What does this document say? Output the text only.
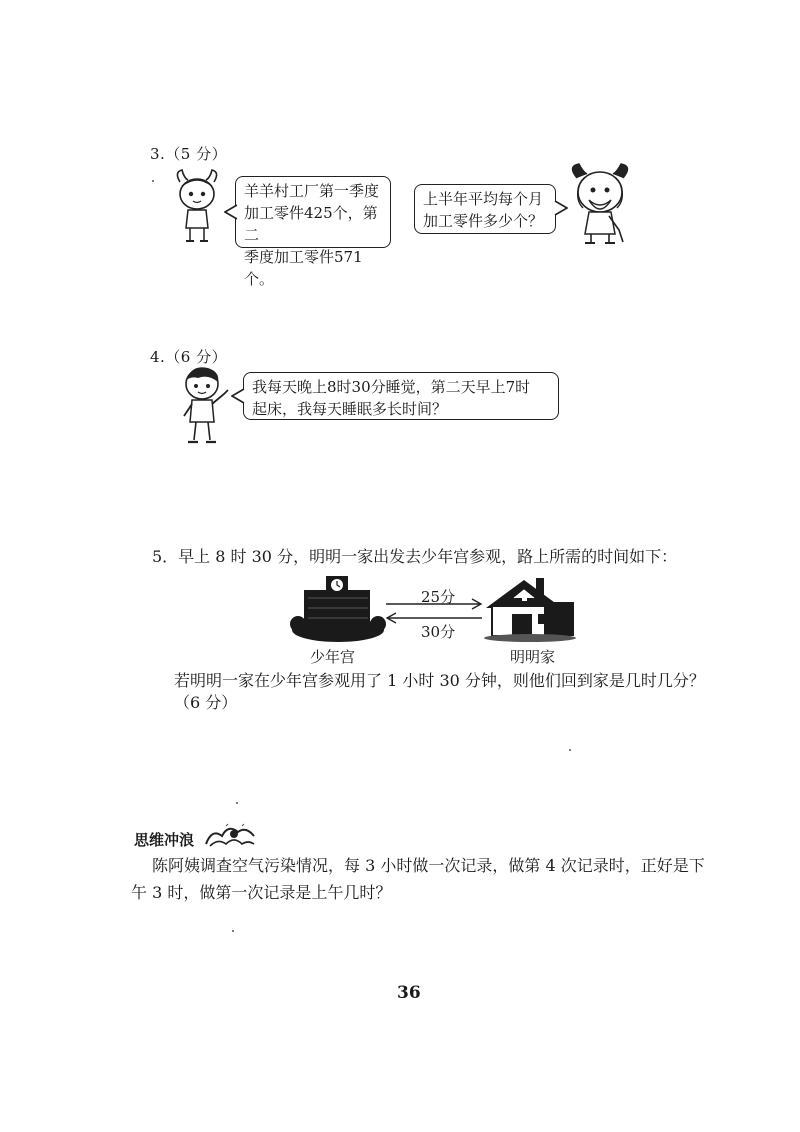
3.（5 分）
羊羊村工厂第一季度
加工零件425个，第二
季度加工零件571个。
上半年平均每个月
加工零件多少个？
4.（6 分）
我每天晚上8时30分睡觉，第二天早上7时
起床，我每天睡眠多长时间？
5．早上 8 时 30 分，明明一家出发去少年宫参观，路上所需的时间如下：
25分
30分
少年宫	明明家
若明明一家在少年宫参观用了 1 小时 30 分钟，则他们回到家是几时几分？
（6 分）
思维冲浪
陈阿姨调查空气污染情况，每 3 小时做一次记录，做第 4 次记录时，正好是下
午 3 时，做第一次记录是上午几时？
36
